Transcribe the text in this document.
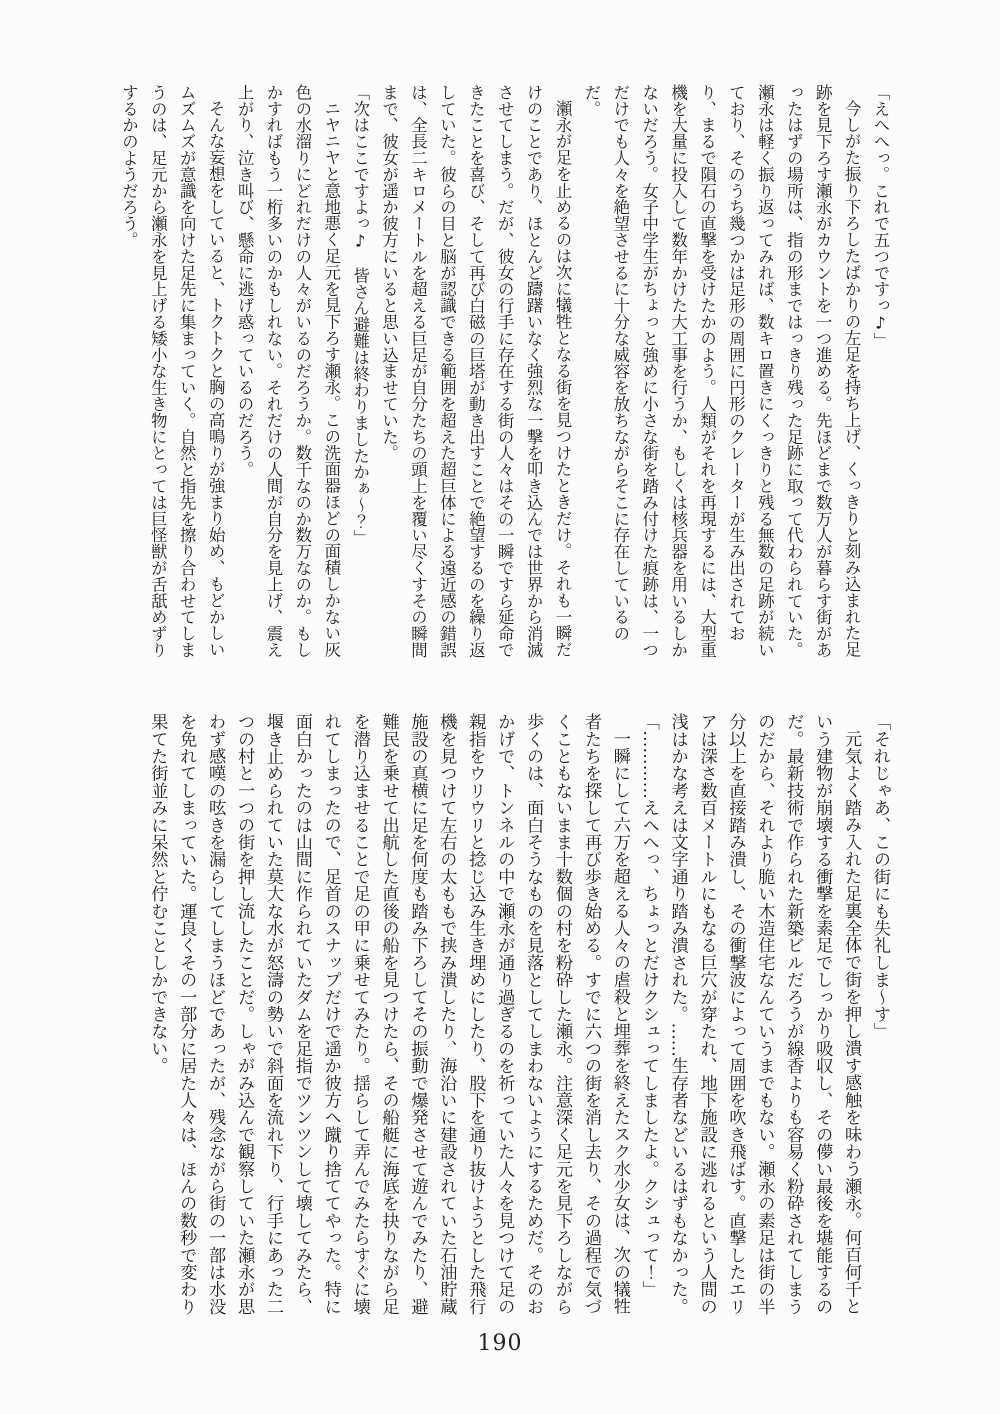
「えへへっ。これで五つですっ♪」

今しがた振り下ろしたばかりの左足を持ち上げ、くっきりと刻み込まれた足跡を見下ろす瀬永がカウントを一つ進める。先ほどまで数万人が暮らす街があったはずの場所は、指の形まではっきり残った足跡に取って代わられていた。瀬永は軽く振り返ってみれば、数キロ置きにくっきりと残る無数の足跡が続いており、そのうち幾つかは足形の周囲に円形のクレーターが生み出されており、まるで隕石の直撃を受けたかのよう。人類がそれを再現するには、大型重機を大量に投入して数年かけた大工事を行うか、もしくは核兵器を用いるしかないだろう。女子中学生がちょっと強めに小さな街を踏み付けた痕跡は、一つだけでも人々を絶望させるに十分な威容を放ちながらそこに存在しているのだ。

瀬永が足を止めるのは次に犠牲となる街を見つけたときだけ。それも一瞬だけのことであり、ほとんど躊躇いなく強烈な一撃を叩き込んでは世界から消滅させてしまう。だが、彼女の行手に存在する街の人々はその一瞬ですら延命できたことを喜び、そして再び白磁の巨塔が動き出すことで絶望するのを繰り返していた。彼らの目と脳が認識できる範囲を超えた超巨体による遠近感の錯誤は、全長二キロメートルを超える巨足が自分たちの頭上を覆い尽くすその瞬間まで、彼女が遥か彼方にいると思い込ませていた。

「次はここですよっ♪　皆さん避難は終わりましたかぁ〜？」

ニヤニヤと意地悪く足元を見下ろす瀬永。この洗面器ほどの面積しかない灰色の水溜りにどれだけの人々がいるのだろうか。数千なのか数万なのか。もしかすればもう一桁多いのかもしれない。それだけの人間が自分を見上げ、震え上がり、泣き叫び、懸命に逃げ惑っているのだろう。

そんな妄想をしていると、トクトクと胸の高鳴りが強まり始め、もどかしいムズムズが意識を向けた足先に集まっていく。自然と指先を擦り合わせてしまうのは、足元から瀬永を見上げる矮小な生き物にとっては巨怪獣が舌舐めずりするかのようだろう。

「それじゃあ、この街にも失礼しま〜す」

元気よく踏み入れた足裏全体で街を押し潰す感触を味わう瀬永。何百何千という建物が崩壊する衝撃を素足でしっかり吸収し、その儚い最後を堪能するのだ。最新技術で作られた新築ビルだろうが線香よりも容易く粉砕されてしまうのだから、それより脆い木造住宅なんていうまでもない。瀬永の素足は街の半分以上を直接踏み潰し、その衝撃波によって周囲を吹き飛ばす。直撃したエリアは深さ数百メートルにもなる巨穴が穿たれ、地下施設に逃れるという人間の浅はかな考えは文字通り踏み潰された。……生存者などいるはずもなかった。

「…………えへへっ、ちょっとだけクシュってしましたよ。クシュって！」

一瞬にして六万を超える人々の虐殺と埋葬を終えたスク水少女は、次の犠牲者たちを探して再び歩き始める。すでに六つの街を消し去り、その過程で気づくこともないまま十数個の村を粉砕した瀬永。注意深く足元を見下ろしながら歩くのは、面白そうなものを見落としてしまわないようにするためだ。そのおかげで、トンネルの中で瀬永が通り過ぎるのを祈っていた人々を見つけて足の親指をウリウリと捻じ込み生き埋めにしたり、股下を通り抜けようとした飛行機を見つけて左右の太ももで挟み潰したり、海沿いに建設されていた石油貯蔵施設の真横に足を何度も踏み下ろしてその振動で爆発させて遊んでみたり、避難民を乗せて出航した直後の船を見つけたら、その船艇に海底を抉りながら足を潜り込ませることで足の甲に乗せてみたり。揺らして弄んでみたらすぐに壊れてしまったので、足首のスナップだけで遥か彼方へ蹴り捨ててやった。特に面白かったのは山間に作られていたダムを足指でツンツンして壊してみたら、堰き止められていた莫大な水が怒濤の勢いで斜面を流れ下り、行手にあった二つの村と一つの街を押し流したことだ。しゃがみ込んで観察していた瀬永が思わず感嘆の呟きを漏らしてしまうほどであったが、残念ながら街の一部は水没を免れてしまっていた。運良くその一部分に居た人々は、ほんの数秒で変わり果てた街並みに呆然と佇むことしかできない。

190
